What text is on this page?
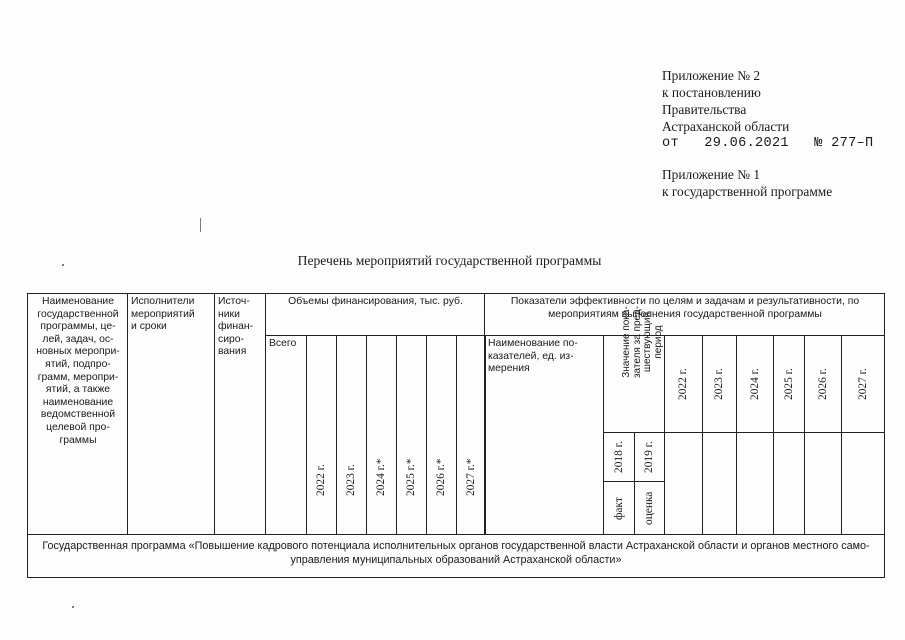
Приложение № 2
к постановлению
Правительства
Астраханской области
от   29.06.2021   № 277–П
Приложение № 1
к государственной программе
Перечень мероприятий государственной программы
Наименование
государственной
программы, це-
лей, задач, ос-
новных меропри-
ятий, подпро-
грамм, меропри-
ятий, а также
наименование
ведомственной
целевой про-
граммы
Исполнители
мероприятий
и сроки
Источ-
ники
финан-
сиро-
вания
Объемы финансирования, тыс. руб.
Всего
Показатели эффективности по целям и задачам и результативности, по
мероприятиям выполнения государственной программы
Наименование по-
казателей, ед. из-
мерения	Значение пока- зателя за пред- шествующий период
Государственная программа «Повышение кадрового потенциала исполнительных органов государственной власти Астраханской области и органов местного само-
управления муниципальных образований Астраханской области»
2022 г. 2023 г. 2024 г.* 2025 г.* 2026 г.* 2027 г.*
2018 г.
факт
2019 г.
оценка
2022 г. 2023 г. 2024 г. 2025 г. 2026 г. 2027 г.
